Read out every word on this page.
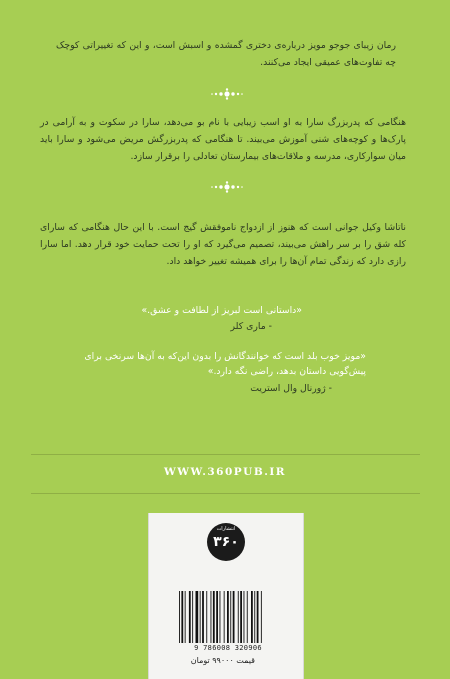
رمان زیبای جوجو مویز درباره‌ی دختری گمشده و اسبش است، و این که تغییراتی کوچک چه تفاوت‌های عمیقی ایجاد می‌کنند.
هنگامی که پدربزرگ سارا به او اسب زیبایی با نام بو می‌دهد، سارا در سکوت و به آرامی در پارک‌ها و کوچه‌های شنی آموزش می‌بیند. تا هنگامی که پدربزرگش مریض می‌شود و سارا باید میان سوارکاری، مدرسه و ملاقات‌های بیمارستان تعادلی را برقرار سازد.
ناتاشا وکیل جوانی است که هنوز از ازدواج ناموفقش گیج است. با این حال هنگامی که سارای کله شق را بر سر راهش می‌بیند، تصمیم می‌گیرد که او را تحت حمایت خود قرار دهد. اما سارا رازی دارد که زندگی تمام آن‌ها را برای همیشه تغییر خواهد داد.
«داستانی است لبریز از لطافت و عشق.»
- ماری کلر
«مویز خوب بلد است که خوانندگانش را بدون این‌که به آن‌ها سرنخی برای پیش‌گویی داستان بدهد، راضی نگه دارد.»
- ژورنال وال استریت
WWW.360PUB.IR
انتشارات
۳۶۰
9 786008 320906
قیمت ۹۹۰۰۰ تومان
